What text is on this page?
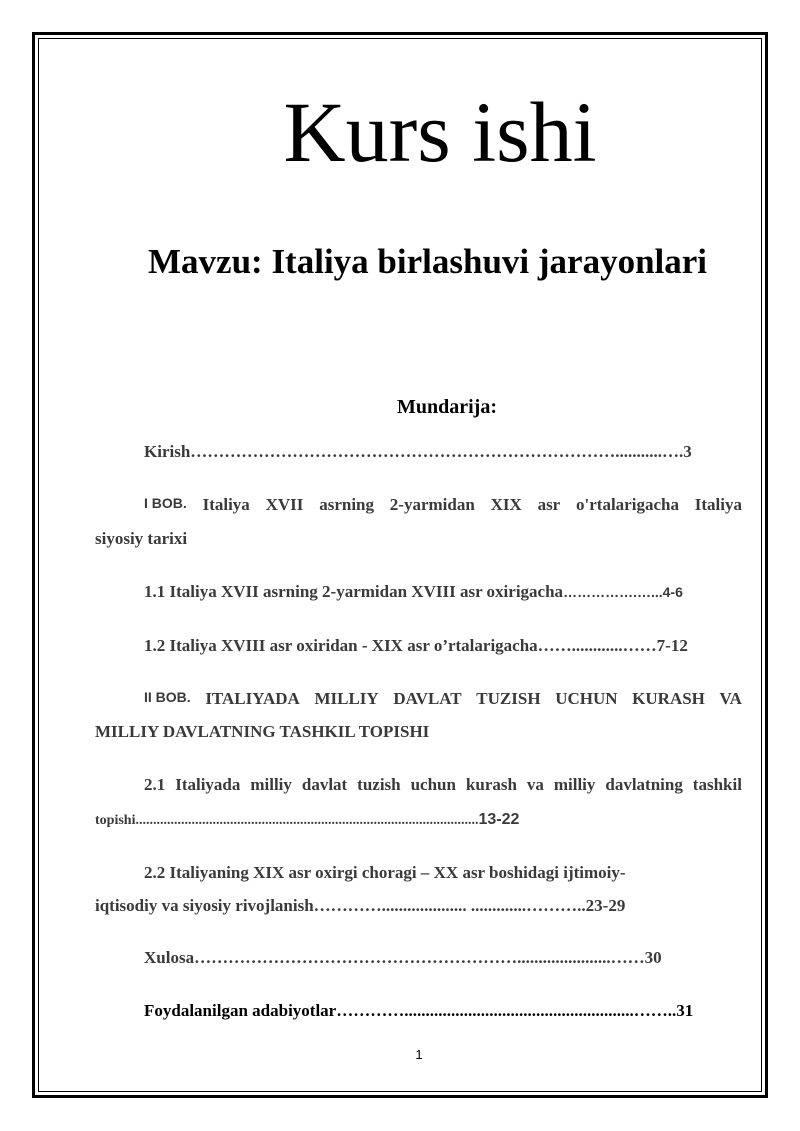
Kurs ishi
Mavzu: Italiya birlashuvi jarayonlari
Mundarija:
Kirish…………………………………………………………………...........….3
I BOB. Italiya XVII asrning 2-yarmidan XIX asr o'rtalarigacha Italiya
siyosiy tarixi
1.1 Italiya XVII asrning 2-yarmidan XVIII asr oxirigacha…………….…...4-6
1.2 Italiya XVIII asr oxiridan - XIX asr o’rtalarigacha……............……7-12
II BOB. ITALIYADA MILLIY DAVLAT TUZISH UCHUN KURASH VA
MILLIY DAVLATNING TASHKIL TOPISHI
2.1 Italiyada milliy davlat tuzish uchun kurash va milliy davlatning tashkil
topishi..................................................................................................13-22
2.2 Italiyaning XIX asr oxirgi choragi – XX asr boshidagi ijtimoiy-
iqtisodiy va siyosiy rivojlanish………….................... .............………..23-29
Xulosa…………………………………………………......................……30
Foydalanilgan adabiyotlar…………......................................................……..31
1
